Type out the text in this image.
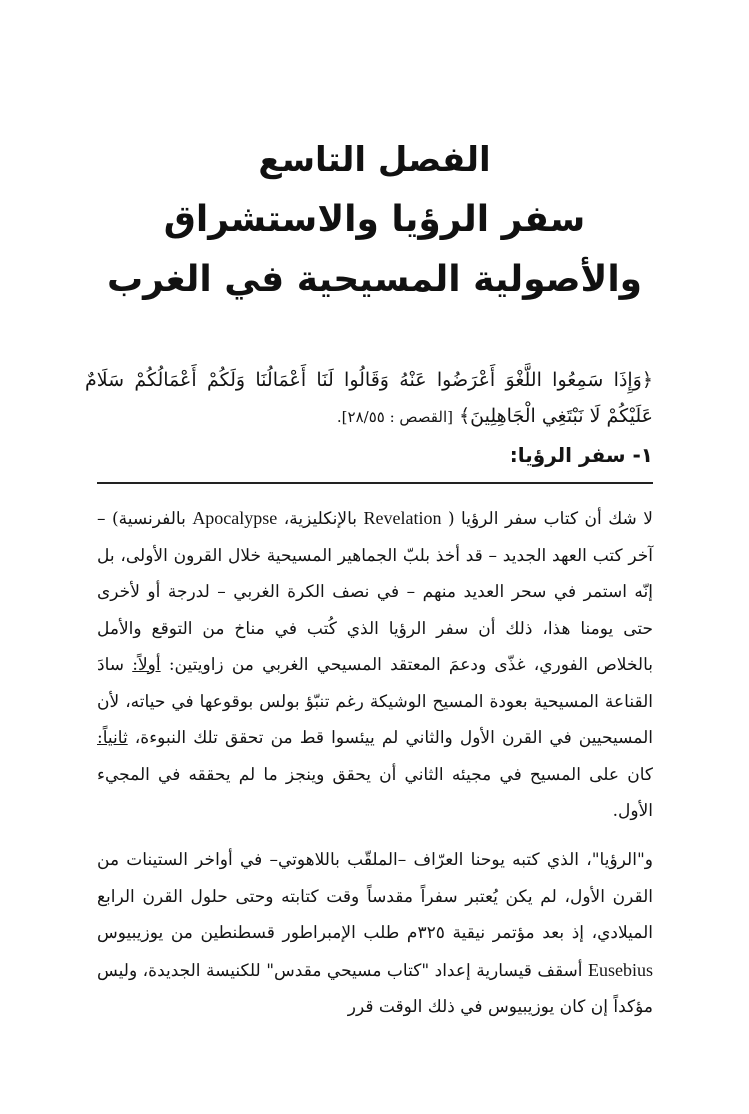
الفصل التاسع

سفر الرؤيا والاستشراق

والأصولية المسيحية في الغرب

﴿وَإِذَا سَمِعُوا اللَّغْوَ أَعْرَضُوا عَنْهُ وَقَالُوا لَنَا أَعْمَالُنَا وَلَكُمْ أَعْمَالُكُمْ سَلَامٌ عَلَيْكُمْ لَا نَبْتَغِي الْجَاهِلِينَ﴾ [القصص : ٢٨/٥٥].
١- سفر الرؤيا:

لا شك أن كتاب سفر الرؤيا ( Revelation بالإنكليزية، Apocalypse بالفرنسية) – آخر كتب العهد الجديد – قد أخذ بلبّ الجماهير المسيحية خلال القرون الأولى، بل إنّه استمر في سحر العديد منهم – في نصف الكرة الغربي – لدرجة أو لأخرى حتى يومنا هذا، ذلك أن سفر الرؤيا الذي كُتب في مناخ من التوقع والأمل بالخلاص الفوري، غذّى ودعمَ المعتقد المسيحي الغربي من زاويتين: أولاً: سادَ القناعة المسيحية بعودة المسيح الوشيكة رغم تنبّؤ بولس بوقوعها في حياته، لأن المسيحيين في القرن الأول والثاني لم ييئسوا قط من تحقق تلك النبوءة، ثانياً: كان على المسيح في مجيئه الثاني أن يحقق وينجز ما لم يحققه في المجيء الأول.

و"الرؤيا"، الذي كتبه يوحنا العرّاف –الملقّب باللاهوتي– في أواخر الستينات من القرن الأول، لم يكن يُعتبر سفراً مقدساً وقت كتابته وحتى حلول القرن الرابع الميلادي، إذ بعد مؤتمر نيقية ٣٢٥م طلب الإمبراطور قسطنطين من يوزيبيوس Eusebius أسقف قيسارية إعداد "كتاب مسيحي مقدس" للكنيسة الجديدة، وليس مؤكداً إن كان يوزيبيوس في ذلك الوقت قرر
